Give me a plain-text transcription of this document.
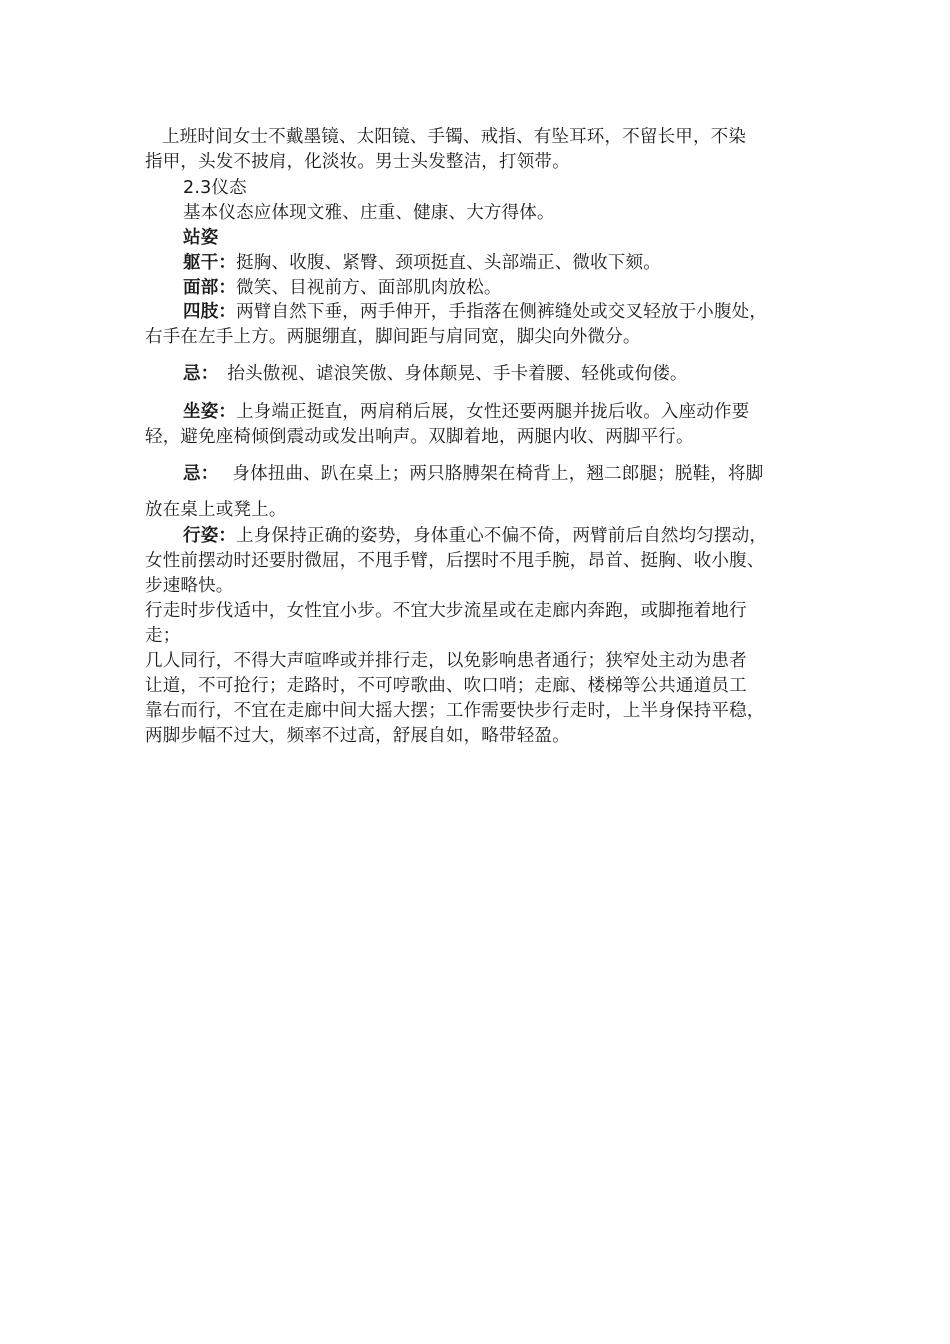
上班时间女士不戴墨镜、太阳镜、手镯、戒指、有坠耳环，不留长甲，不染
指甲，头发不披肩，化淡妆。男士头发整洁，打领带。
2.3仪态
基本仪态应体现文雅、庄重、健康、大方得体。
站姿
躯干：挺胸、收腹、紧臀、颈项挺直、头部端正、微收下颏。
面部：微笑、目视前方、面部肌肉放松。
四肢：两臂自然下垂，两手伸开，手指落在侧裤缝处或交叉轻放于小腹处，
右手在左手上方。两腿绷直，脚间距与肩同宽，脚尖向外微分。
忌： 抬头傲视、谑浪笑傲、身体颠晃、手卡着腰、轻佻或佝偻。
坐姿：上身端正挺直，两肩稍后展，女性还要两腿并拢后收。入座动作要
轻，避免座椅倾倒震动或发出响声。双脚着地，两腿内收、两脚平行。
忌： 身体扭曲、趴在桌上；两只胳膊架在椅背上，翘二郎腿；脱鞋，将脚
放在桌上或凳上。
行姿：上身保持正确的姿势，身体重心不偏不倚，两臂前后自然均匀摆动，
女性前摆动时还要肘微屈，不甩手臂，后摆时不甩手腕，昂首、挺胸、收小腹、
步速略快。
行走时步伐适中，女性宜小步。不宜大步流星或在走廊内奔跑，或脚拖着地行
走；
几人同行，不得大声喧哗或并排行走，以免影响患者通行；狭窄处主动为患者
让道，不可抢行；走路时，不可哼歌曲、吹口哨；走廊、楼梯等公共通道员工
靠右而行，不宜在走廊中间大摇大摆；工作需要快步行走时，上半身保持平稳，
两脚步幅不过大，频率不过高，舒展自如，略带轻盈。
